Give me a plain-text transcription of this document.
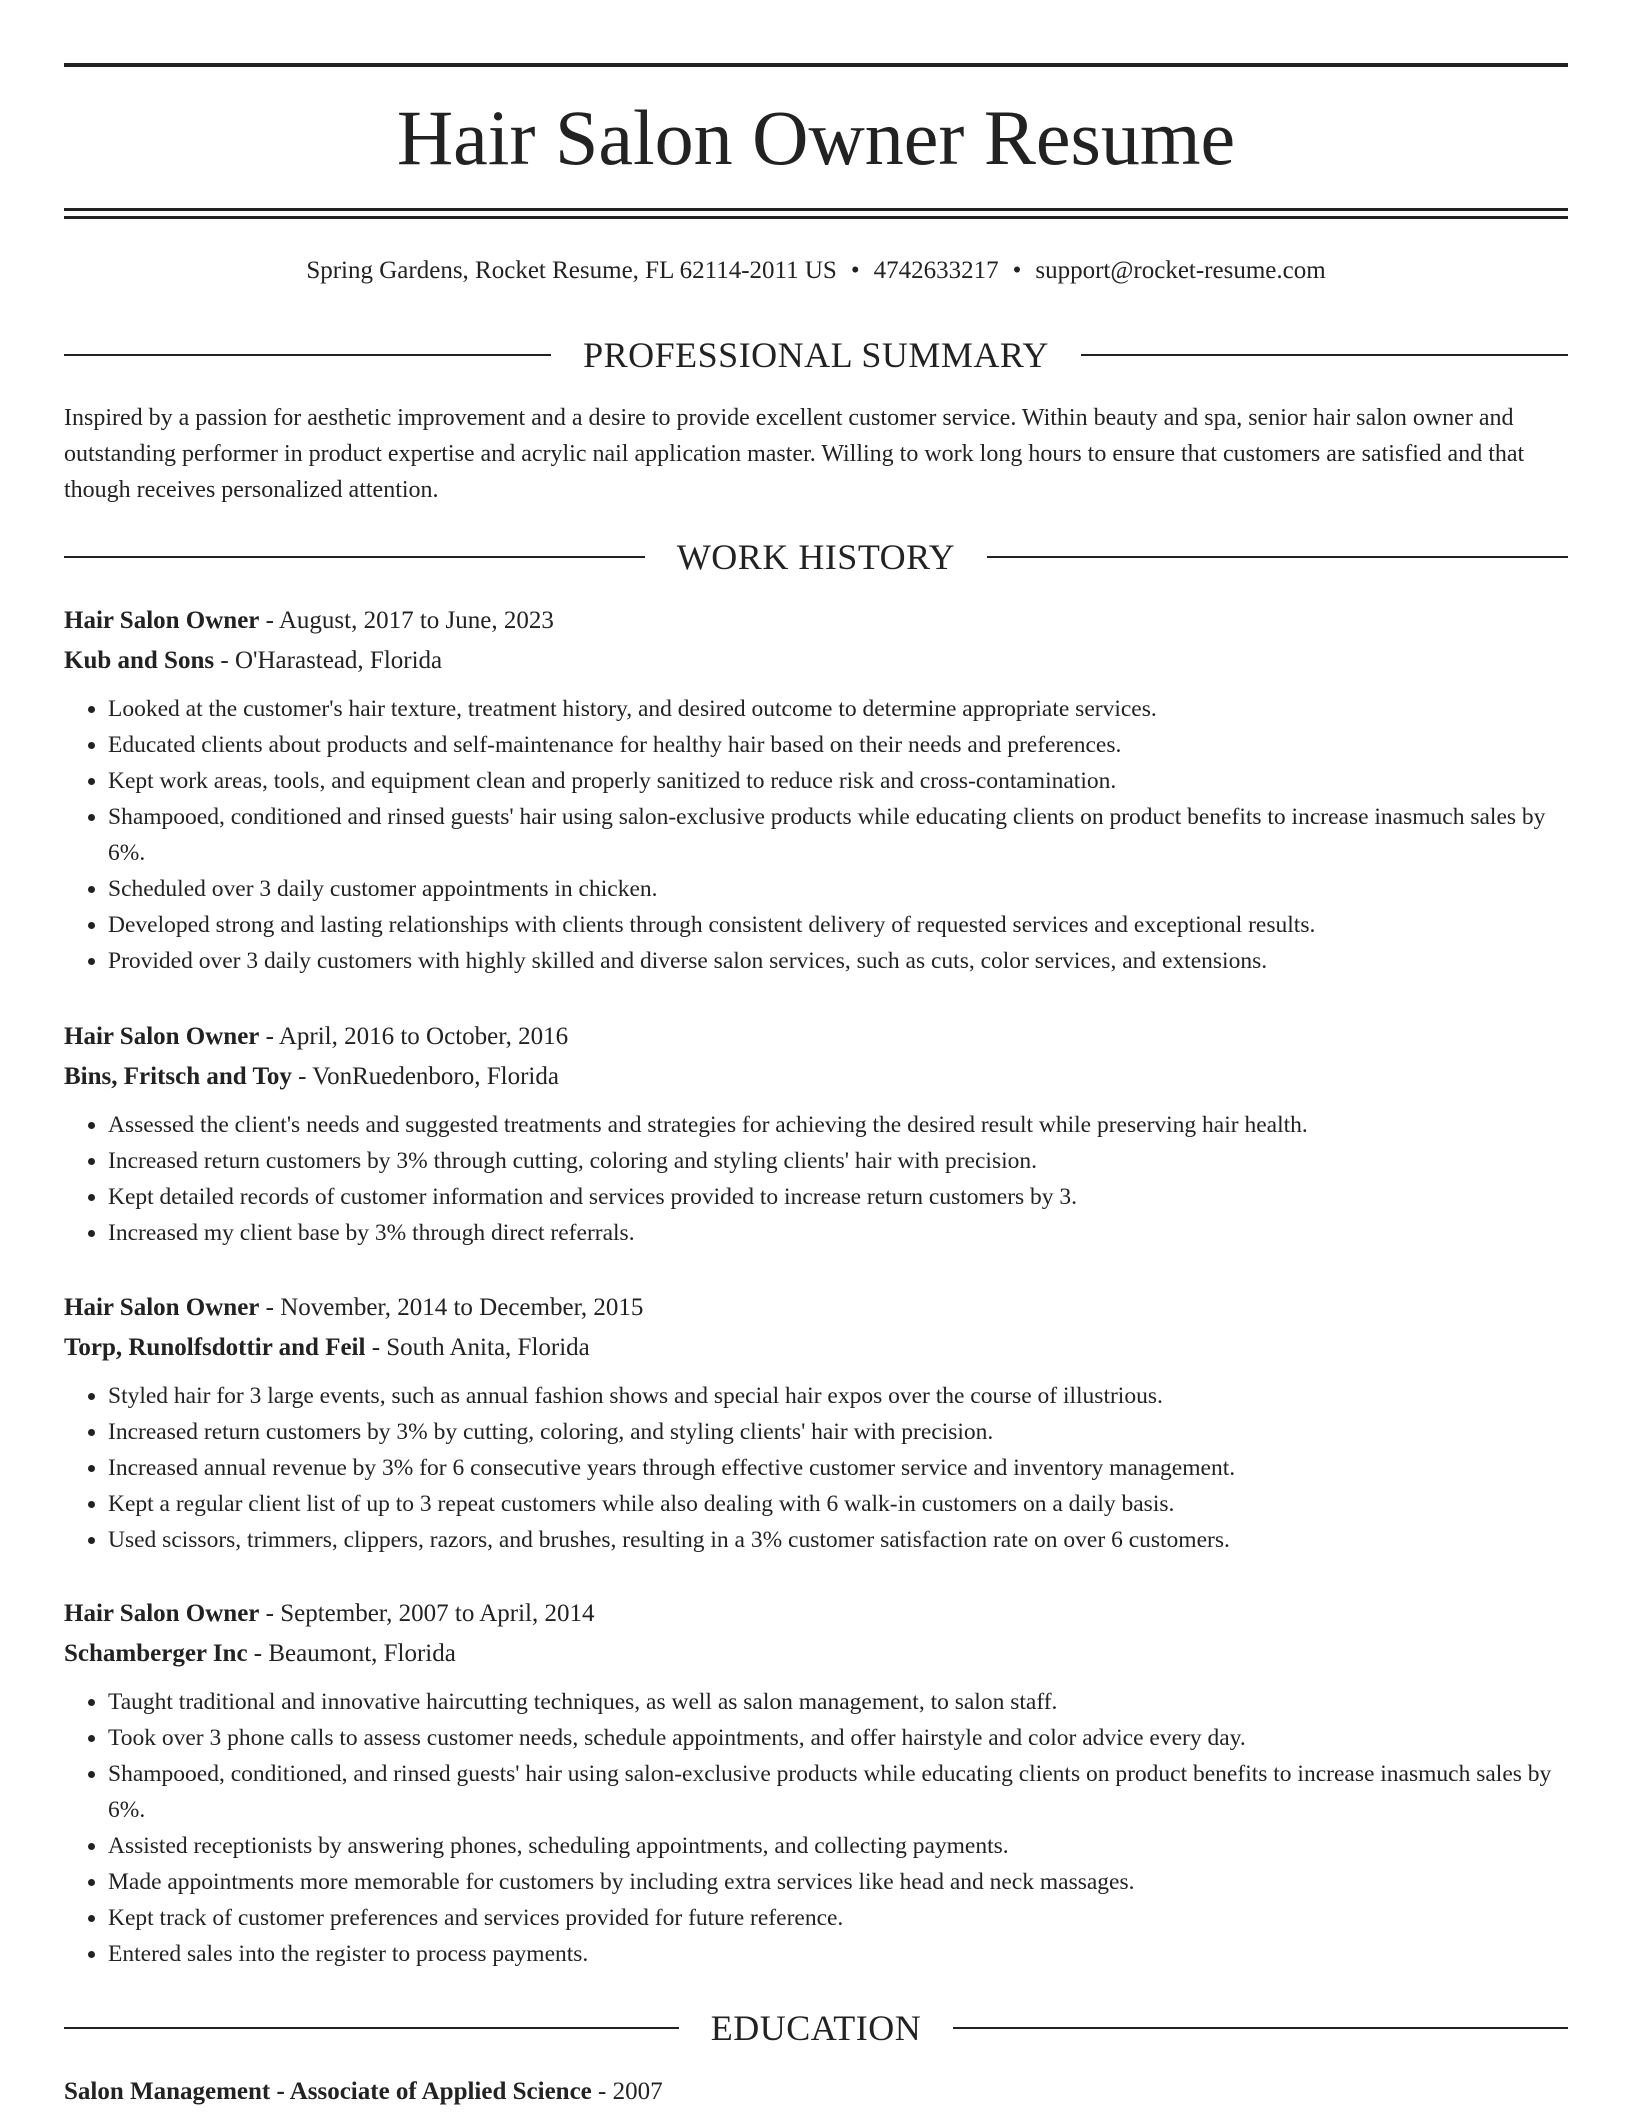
Hair Salon Owner Resume
Spring Gardens, Rocket Resume, FL 62114-2011 US • 4742633217 • support@rocket-resume.com
PROFESSIONAL SUMMARY

Inspired by a passion for aesthetic improvement and a desire to provide excellent customer service. Within beauty and spa, senior hair salon owner and outstanding performer in product expertise and acrylic nail application master. Willing to work long hours to ensure that customers are satisfied and that though receives personalized attention.

WORK HISTORY
Hair Salon Owner - August, 2017 to June, 2023
Kub and Sons - O'Harastead, Florida
• Looked at the customer's hair texture, treatment history, and desired outcome to determine appropriate services.
• Educated clients about products and self-maintenance for healthy hair based on their needs and preferences.
• Kept work areas, tools, and equipment clean and properly sanitized to reduce risk and cross-contamination.
• Shampooed, conditioned and rinsed guests' hair using salon-exclusive products while educating clients on product benefits to increase inasmuch sales by 6%.
• Scheduled over 3 daily customer appointments in chicken.
• Developed strong and lasting relationships with clients through consistent delivery of requested services and exceptional results.
• Provided over 3 daily customers with highly skilled and diverse salon services, such as cuts, color services, and extensions.
Hair Salon Owner - April, 2016 to October, 2016
Bins, Fritsch and Toy - VonRuedenboro, Florida
• Assessed the client's needs and suggested treatments and strategies for achieving the desired result while preserving hair health.
• Increased return customers by 3% through cutting, coloring and styling clients' hair with precision.
• Kept detailed records of customer information and services provided to increase return customers by 3.
• Increased my client base by 3% through direct referrals.
Hair Salon Owner - November, 2014 to December, 2015
Torp, Runolfsdottir and Feil - South Anita, Florida
• Styled hair for 3 large events, such as annual fashion shows and special hair expos over the course of illustrious.
• Increased return customers by 3% by cutting, coloring, and styling clients' hair with precision.
• Increased annual revenue by 3% for 6 consecutive years through effective customer service and inventory management.
• Kept a regular client list of up to 3 repeat customers while also dealing with 6 walk-in customers on a daily basis.
• Used scissors, trimmers, clippers, razors, and brushes, resulting in a 3% customer satisfaction rate on over 6 customers.
Hair Salon Owner - September, 2007 to April, 2014
Schamberger Inc - Beaumont, Florida
• Taught traditional and innovative haircutting techniques, as well as salon management, to salon staff.
• Took over 3 phone calls to assess customer needs, schedule appointments, and offer hairstyle and color advice every day.
• Shampooed, conditioned, and rinsed guests' hair using salon-exclusive products while educating clients on product benefits to increase inasmuch sales by 6%.
• Assisted receptionists by answering phones, scheduling appointments, and collecting payments.
• Made appointments more memorable for customers by including extra services like head and neck massages.
• Kept track of customer preferences and services provided for future reference.
• Entered sales into the register to process payments.
EDUCATION
Salon Management - Associate of Applied Science - 2007
